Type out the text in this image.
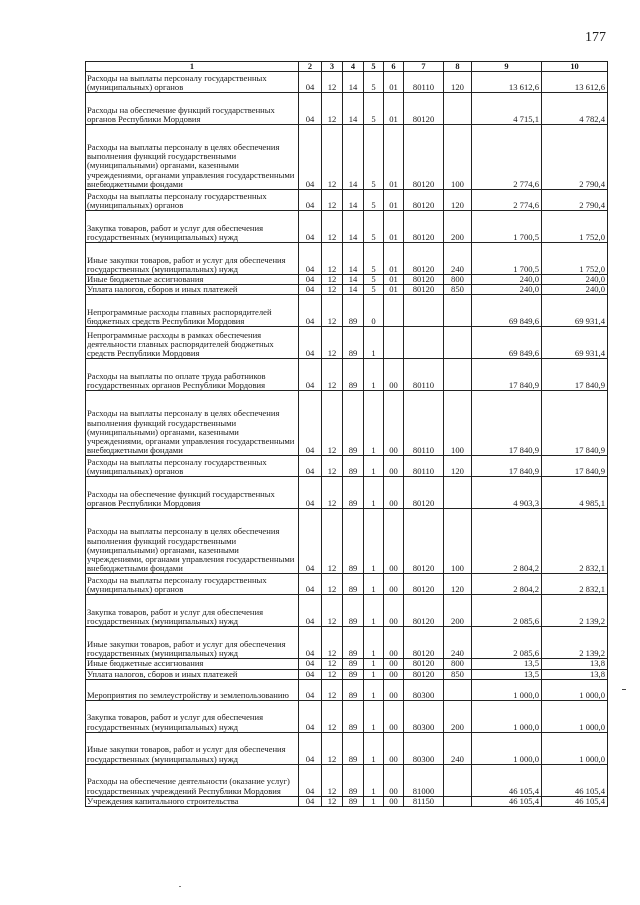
177
1	2	3	4	5	6	7	8	9	10
Расходы на выплаты персоналу государственных (муниципальных) органов	04	12	14	5	01	80110	120	13 612,6	13 612,6
Расходы на обеспечение функций государственных органов Республики Мордовия	04	12	14	5	01	80120		4 715,1	4 782,4
Расходы на выплаты персоналу в целях обеспечения выполнения функций государственными (муниципальными) органами, казенными учреждениями, органами управления государственными внебюджетными фондами	04	12	14	5	01	80120	100	2 774,6	2 790,4
Расходы на выплаты персоналу государственных (муниципальных) органов	04	12	14	5	01	80120	120	2 774,6	2 790,4
Закупка товаров, работ и услуг для обеспечения государственных (муниципальных) нужд	04	12	14	5	01	80120	200	1 700,5	1 752,0
Иные закупки товаров, работ и услуг для обеспечения государственных (муниципальных) нужд	04	12	14	5	01	80120	240	1 700,5	1 752,0
Иные бюджетные ассигнования	04	12	14	5	01	80120	800	240,0	240,0
Уплата налогов, сборов и иных платежей	04	12	14	5	01	80120	850	240,0	240,0
Непрограммные расходы главных распорядителей бюджетных средств Республики Мордовия	04	12	89	0				69 849,6	69 931,4
Непрограммные расходы в рамках обеспечения деятельности главных распорядителей бюджетных средств Республики Мордовия	04	12	89	1				69 849,6	69 931,4
Расходы на выплаты по оплате труда работников государственных органов Республики Мордовия	04	12	89	1	00	80110		17 840,9	17 840,9
Расходы на выплаты персоналу в целях обеспечения выполнения функций государственными (муниципальными) органами, казенными учреждениями, органами управления государственными внебюджетными фондами	04	12	89	1	00	80110	100	17 840,9	17 840,9
Расходы на выплаты персоналу государственных (муниципальных) органов	04	12	89	1	00	80110	120	17 840,9	17 840,9
Расходы на обеспечение функций государственных органов Республики Мордовия	04	12	89	1	00	80120		4 903,3	4 985,1
Расходы на выплаты персоналу в целях обеспечения выполнения функций государственными (муниципальными) органами, казенными учреждениями, органами управления государственными внебюджетными фондами	04	12	89	1	00	80120	100	2 804,2	2 832,1
Расходы на выплаты персоналу государственных (муниципальных) органов	04	12	89	1	00	80120	120	2 804,2	2 832,1
Закупка товаров, работ и услуг для обеспечения государственных (муниципальных) нужд	04	12	89	1	00	80120	200	2 085,6	2 139,2
Иные закупки товаров, работ и услуг для обеспечения государственных (муниципальных) нужд	04	12	89	1	00	80120	240	2 085,6	2 139,2
Иные бюджетные ассигнования	04	12	89	1	00	80120	800	13,5	13,8
Уплата налогов, сборов и иных платежей	04	12	89	1	00	80120	850	13,5	13,8
Мероприятия по землеустройству и землепользованию	04	12	89	1	00	80300		1 000,0	1 000,0
Закупка товаров, работ и услуг для обеспечения государственных (муниципальных) нужд	04	12	89	1	00	80300	200	1 000,0	1 000,0
Иные закупки товаров, работ и услуг для обеспечения государственных (муниципальных) нужд	04	12	89	1	00	80300	240	1 000,0	1 000,0
Расходы на обеспечение деятельности (оказание услуг) государственных учреждений Республики Мордовия	04	12	89	1	00	81000		46 105,4	46 105,4
Учреждения капитального строительства	04	12	89	1	00	81150		46 105,4	46 105,4
